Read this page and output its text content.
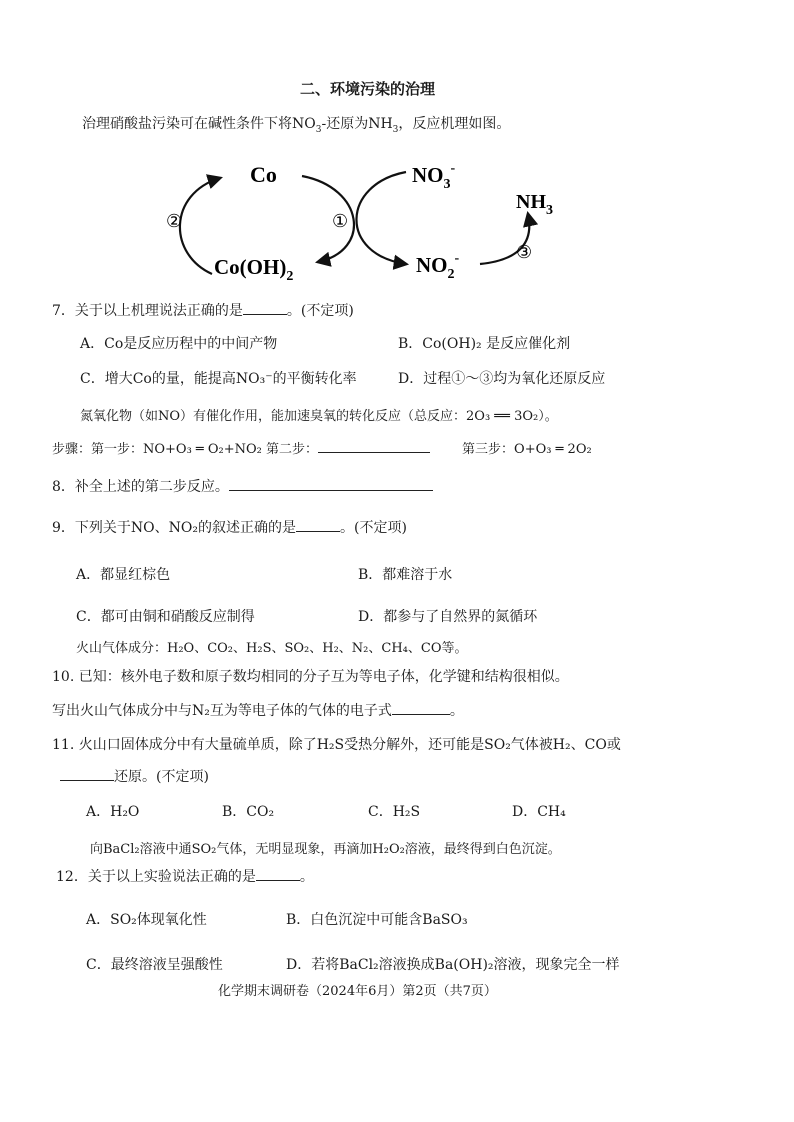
二、环境污染的治理
治理硝酸盐污染可在碱性条件下将$NO_3-$还原为$NH_3$，反应机理如图。
Co
$Co(OH)_2$
$NO_3^-$
$NO_2^-$
$NH_3$
②	①
③
7．关于以上机理说法正确的是	。(不定项)
A．Co是反应历程中的中间产物	B．Co(OH)₂ 是反应催化剂
C．增大Co的量，能提高NO₃⁻的平衡转化率	D．过程①～③均为氧化还原反应
氮氧化物（如NO）有催化作用，能加速臭氧的转化反应（总反应：2O₃ ══ 3O₂）。
步骤：第一步：NO+O₃ ═ O₂+NO₂ 第二步：	第三步：O+O₃ ═ 2O₂
8．补全上述的第二步反应。
9．下列关于NO、NO₂的叙述正确的是	。(不定项)
A．都显红棕色	B．都难溶于水
C．都可由铜和硝酸反应制得	D．都参与了自然界的氮循环
火山气体成分：H₂O、CO₂、H₂S、SO₂、H₂、N₂、CH₄、CO等。
10. 已知：核外电子数和原子数均相同的分子互为等电子体，化学键和结构很相似。
写出火山气体成分中与N₂互为等电子体的气体的电子式	。
11. 火山口固体成分中有大量硫单质，除了H₂S受热分解外，还可能是SO₂气体被H₂、CO或
还原。(不定项)
A．H₂O	B．CO₂	C．H₂S	D．CH₄
向BaCl₂溶液中通SO₂气体，无明显现象，再滴加H₂O₂溶液，最终得到白色沉淀。
12．关于以上实验说法正确的是	。
A．SO₂体现氧化性	B．白色沉淀中可能含BaSO₃
C．最终溶液呈强酸性	D．若将BaCl₂溶液换成Ba(OH)₂溶液，现象完全一样
化学期末调研卷（2024年6月）第2页（共7页）
